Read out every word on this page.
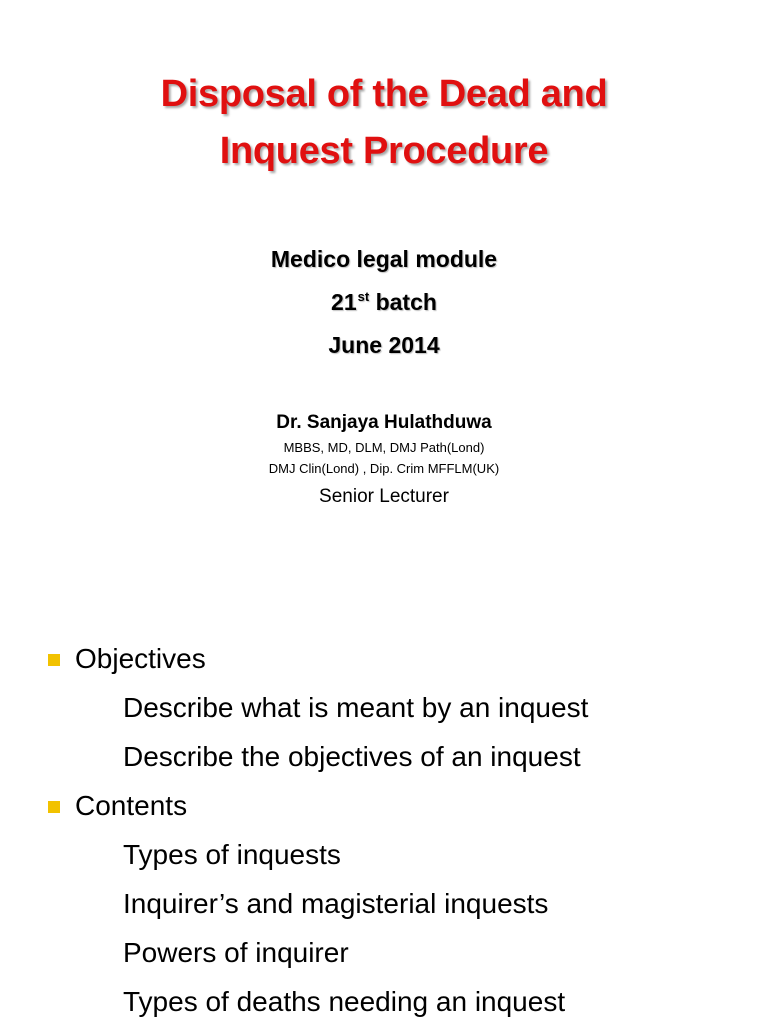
Disposal of the Dead and
Inquest Procedure
Medico legal module
21st batch
June 2014
Dr. Sanjaya Hulathduwa
MBBS, MD, DLM, DMJ Path(Lond)
DMJ Clin(Lond) , Dip. Crim MFFLM(UK)
Senior Lecturer
Objectives
Describe what is meant by an inquest
Describe the objectives of an inquest
Contents
Types of inquests
Inquirer’s and magisterial inquests
Powers of inquirer
Types of deaths needing an inquest
